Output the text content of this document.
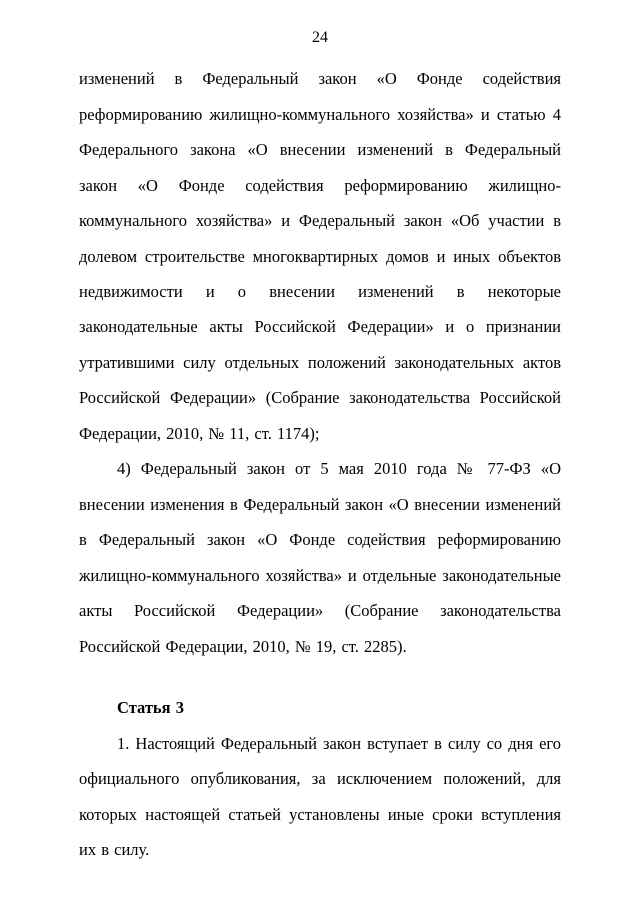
24

изменений в Федеральный закон «О Фонде содействия реформированию жилищно-коммунального хозяйства» и статью 4 Федерального закона «О внесении изменений в Федеральный закон «О Фонде содействия реформированию жилищно-коммунального хозяйства» и Федеральный закон «Об участии в долевом строительстве многоквартирных домов и иных объектов недвижимости и о внесении изменений в некоторые законодательные акты Российской Федерации» и о признании утратившими силу отдельных положений законодательных актов Российской Федерации» (Собрание законодательства Российской Федерации, 2010, № 11, ст. 1174);

4) Федеральный закон от 5 мая 2010 года № 77-ФЗ «О внесении изменения в Федеральный закон «О внесении изменений в Федеральный закон «О Фонде содействия реформированию жилищно-коммунального хозяйства» и отдельные законодательные акты Российской Федерации» (Собрание законодательства Российской Федерации, 2010, № 19, ст. 2285).

Статья 3

1. Настоящий Федеральный закон вступает в силу со дня его официального опубликования, за исключением положений, для которых настоящей статьей установлены иные сроки вступления их в силу.
